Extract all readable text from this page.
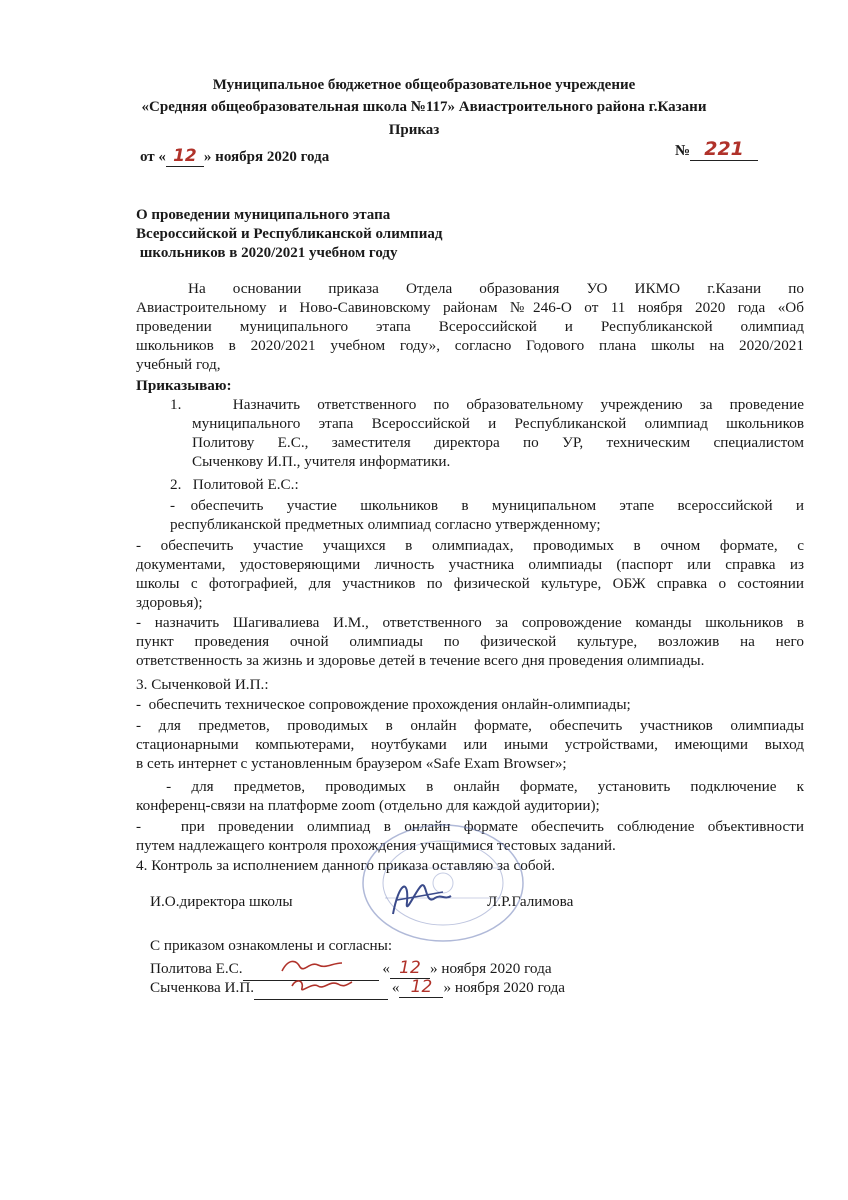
Муниципальное бюджетное общеобразовательное учреждение
«Средняя общеобразовательная школа №117» Авиастроительного района г.Казани
Приказ
от « 12 » ноября 2020 года	№ 221
О проведении муниципального этапа
Всероссийской и Республиканской олимпиад
школьников в 2020/2021 учебном году
На      основании      приказа      Отдела      образования      УО      ИКМО      г.Казани      по
Авиастроительному и Ново-Савиновскому районам №246-О от 11 ноября 2020 года «Об
проведении     муниципального     этапа     Всероссийской     и     Республиканской     олимпиад
школьников в 2020/2021 учебном году», согласно Годового плана школы на 2020/2021
учебный год,
Приказываю:
1.   Назначить ответственного по образовательному учреждению за проведение
муниципального этапа Всероссийской и Республиканской олимпиад школьников
Политову Е.С., заместителя директора по УР, техническим специалистом
Сыченкову И.П., учителя информатики.
2.   Политовой Е.С.:
-  обеспечить   участие   школьников   в   муниципальном   этапе   всероссийской   и
республиканской предметных олимпиад согласно утвержденному;
-  обеспечить  участие  учащихся  в  олимпиадах,  проводимых  в  очном  формате,  с
документами, удостоверяющими личность участника олимпиады (паспорт или справка из
школы с фотографией, для участников по физической культуре, ОБЖ справка о состоянии
здоровья);
- назначить Шагивалиева И.М., ответственного за сопровождение команды школьников в
пункт проведения очной олимпиады по физической культуре, возложив на него
ответственность за жизнь и здоровье детей в течение всего дня проведения олимпиады.
3. Сыченковой И.П.:
-  обеспечить техническое сопровождение прохождения онлайн-олимпиады;
-  для  предметов,  проводимых  в  онлайн  формате,  обеспечить  участников  олимпиады
стационарными компьютерами, ноутбуками или иными устройствами, имеющими выход
в сеть интернет с установленным браузером «Safe Exam Browser»;
-  для  предметов,  проводимых  в  онлайн  формате,  установить  подключение  к
конференц-связи на платформе zoom (отдельно для каждой аудитории);
-   при проведении олимпиад в онлайн формате обеспечить соблюдение объективности
путем надлежащего контроля прохождения учащимися тестовых заданий.
4. Контроль за исполнением данного приказа оставляю за собой.
И.О.директора школы	Л.Р.Галимова
С приказом ознакомлены и согласны:
Политова Е.С.	« 12 » ноября 2020 года
Сыченкова И.П.	« 12 » ноября 2020 года
